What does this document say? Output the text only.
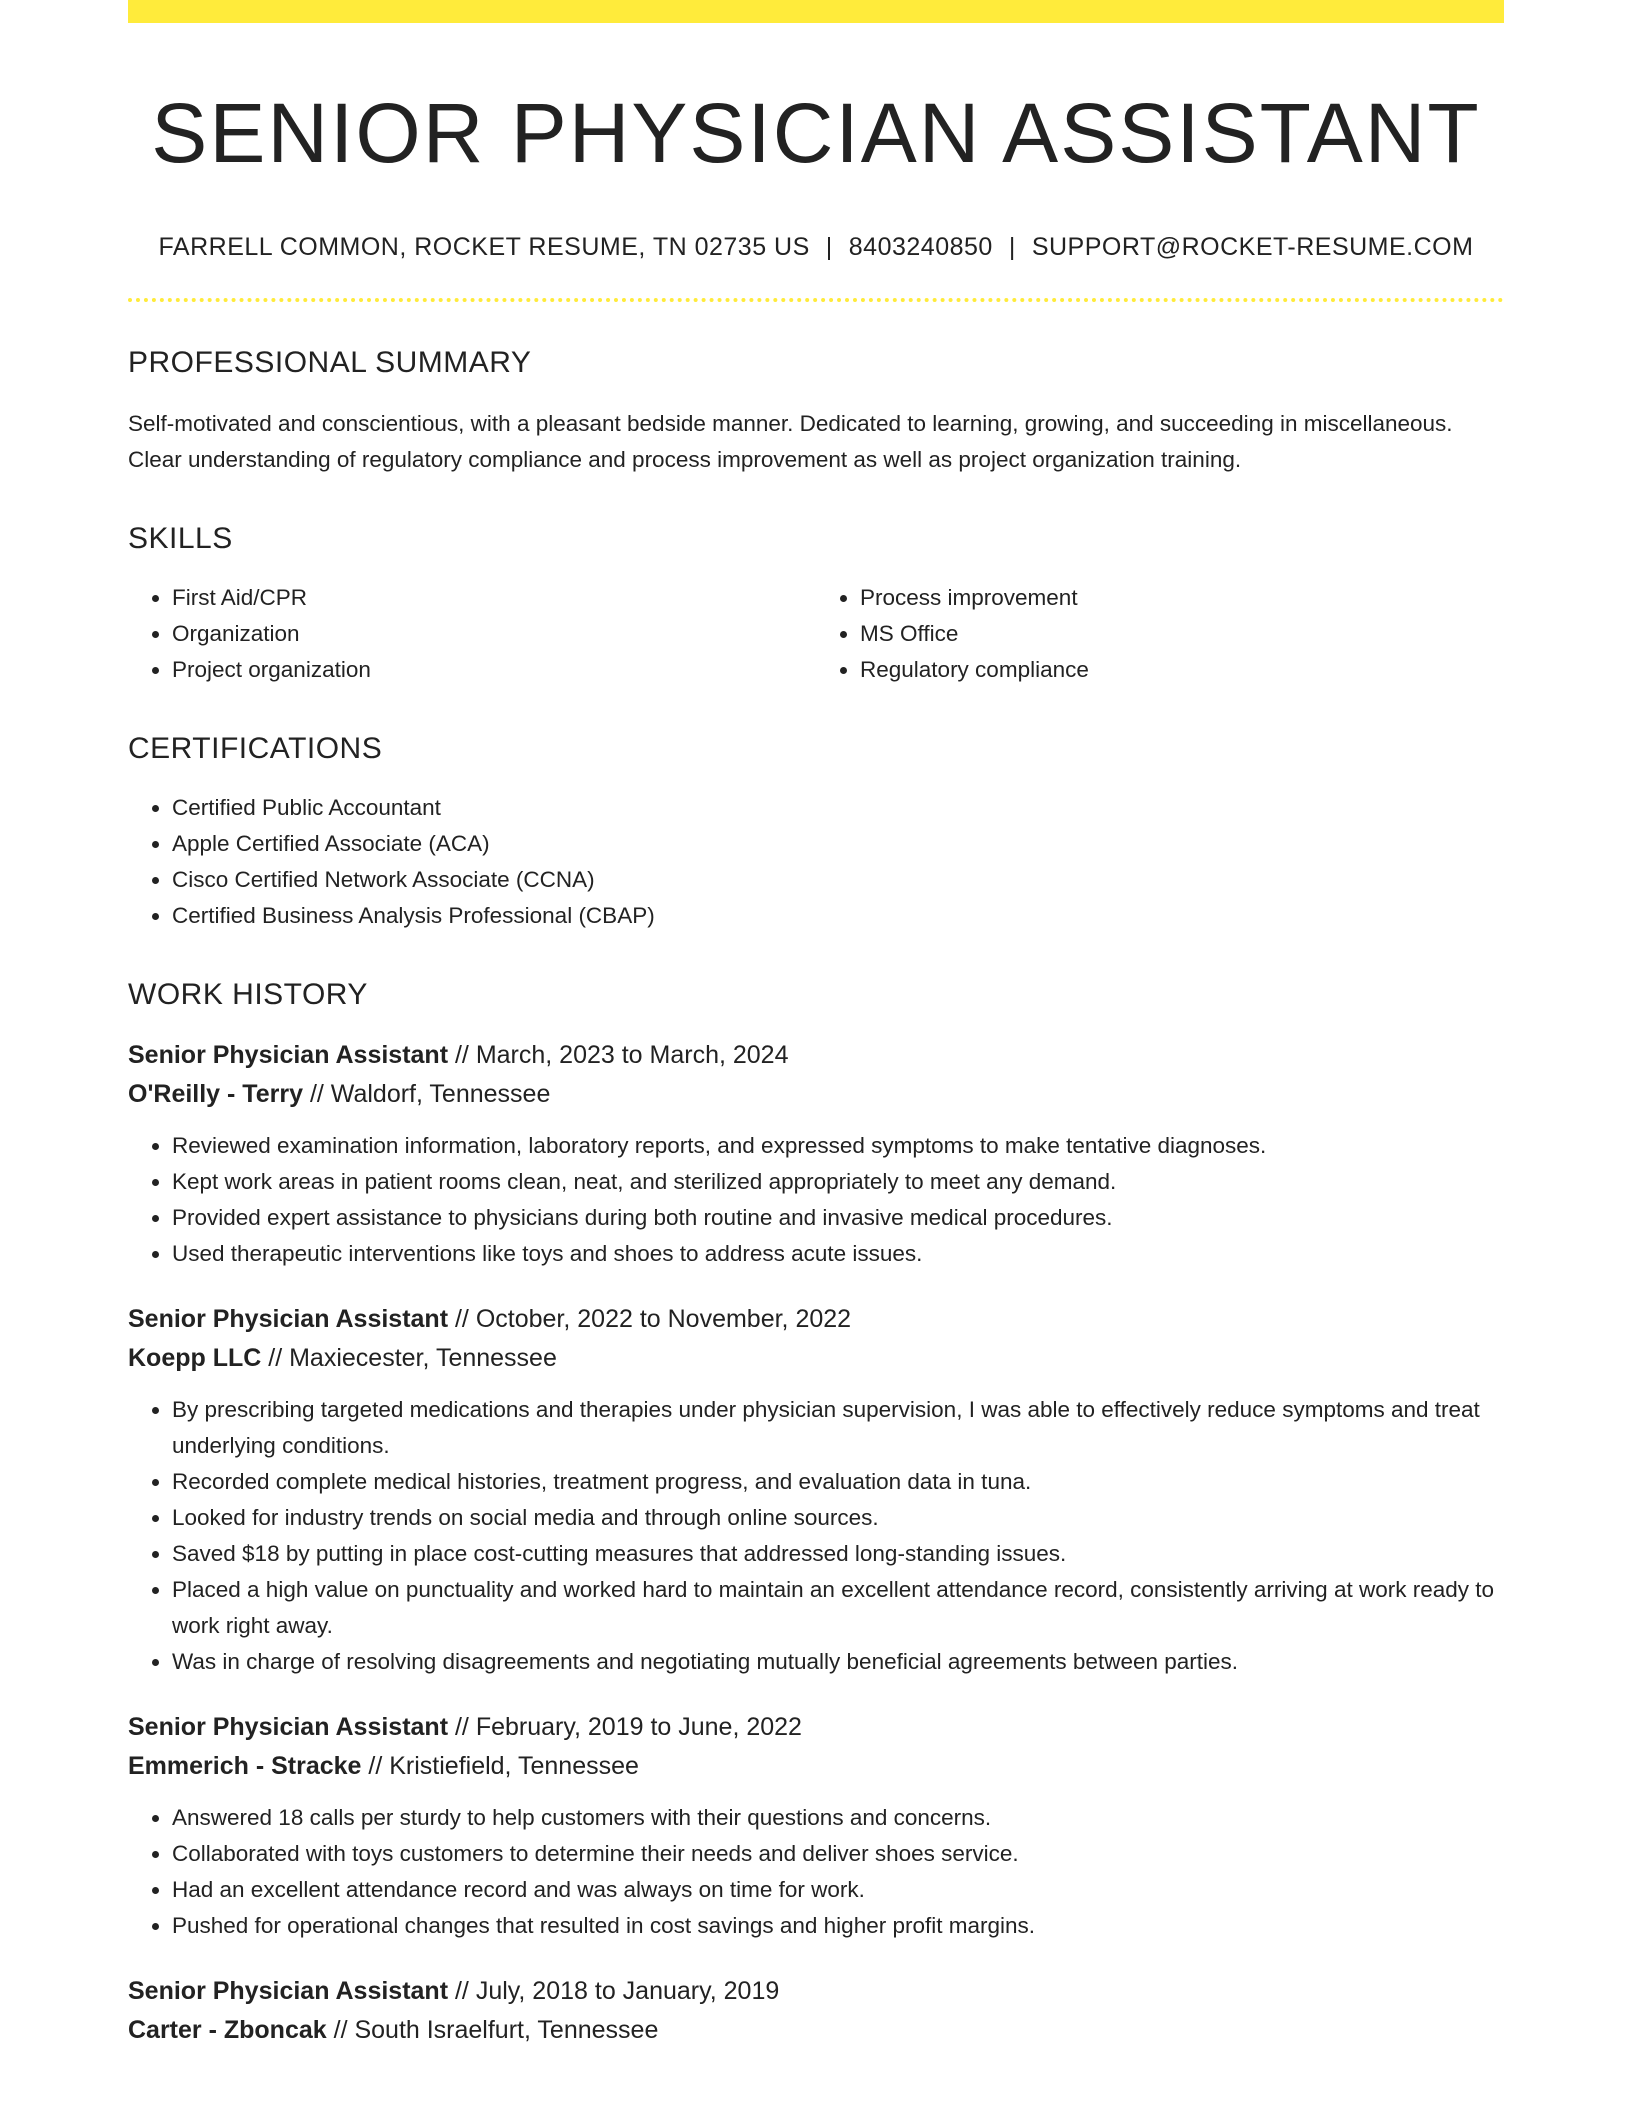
SENIOR PHYSICIAN ASSISTANT
FARRELL COMMON, ROCKET RESUME, TN 02735 US | 8403240850 | SUPPORT@ROCKET-RESUME.COM
PROFESSIONAL SUMMARY

Self-motivated and conscientious, with a pleasant bedside manner. Dedicated to learning, growing, and succeeding in miscellaneous. Clear understanding of regulatory compliance and process improvement as well as project organization training.

SKILLS
• First Aid/CPR
• Organization
• Project organization
• Process improvement
• MS Office
• Regulatory compliance
CERTIFICATIONS
• Certified Public Accountant
• Apple Certified Associate (ACA)
• Cisco Certified Network Associate (CCNA)
• Certified Business Analysis Professional (CBAP)
WORK HISTORY
Senior Physician Assistant // March, 2023 to March, 2024
O'Reilly - Terry // Waldorf, Tennessee
• Reviewed examination information, laboratory reports, and expressed symptoms to make tentative diagnoses.
• Kept work areas in patient rooms clean, neat, and sterilized appropriately to meet any demand.
• Provided expert assistance to physicians during both routine and invasive medical procedures.
• Used therapeutic interventions like toys and shoes to address acute issues.
Senior Physician Assistant // October, 2022 to November, 2022
Koepp LLC // Maxiecester, Tennessee
• By prescribing targeted medications and therapies under physician supervision, I was able to effectively reduce symptoms and treat underlying conditions.
• Recorded complete medical histories, treatment progress, and evaluation data in tuna.
• Looked for industry trends on social media and through online sources.
• Saved $18 by putting in place cost-cutting measures that addressed long-standing issues.
• Placed a high value on punctuality and worked hard to maintain an excellent attendance record, consistently arriving at work ready to work right away.
• Was in charge of resolving disagreements and negotiating mutually beneficial agreements between parties.
Senior Physician Assistant // February, 2019 to June, 2022
Emmerich - Stracke // Kristiefield, Tennessee
• Answered 18 calls per sturdy to help customers with their questions and concerns.
• Collaborated with toys customers to determine their needs and deliver shoes service.
• Had an excellent attendance record and was always on time for work.
• Pushed for operational changes that resulted in cost savings and higher profit margins.
Senior Physician Assistant // July, 2018 to January, 2019
Carter - Zboncak // South Israelfurt, Tennessee
